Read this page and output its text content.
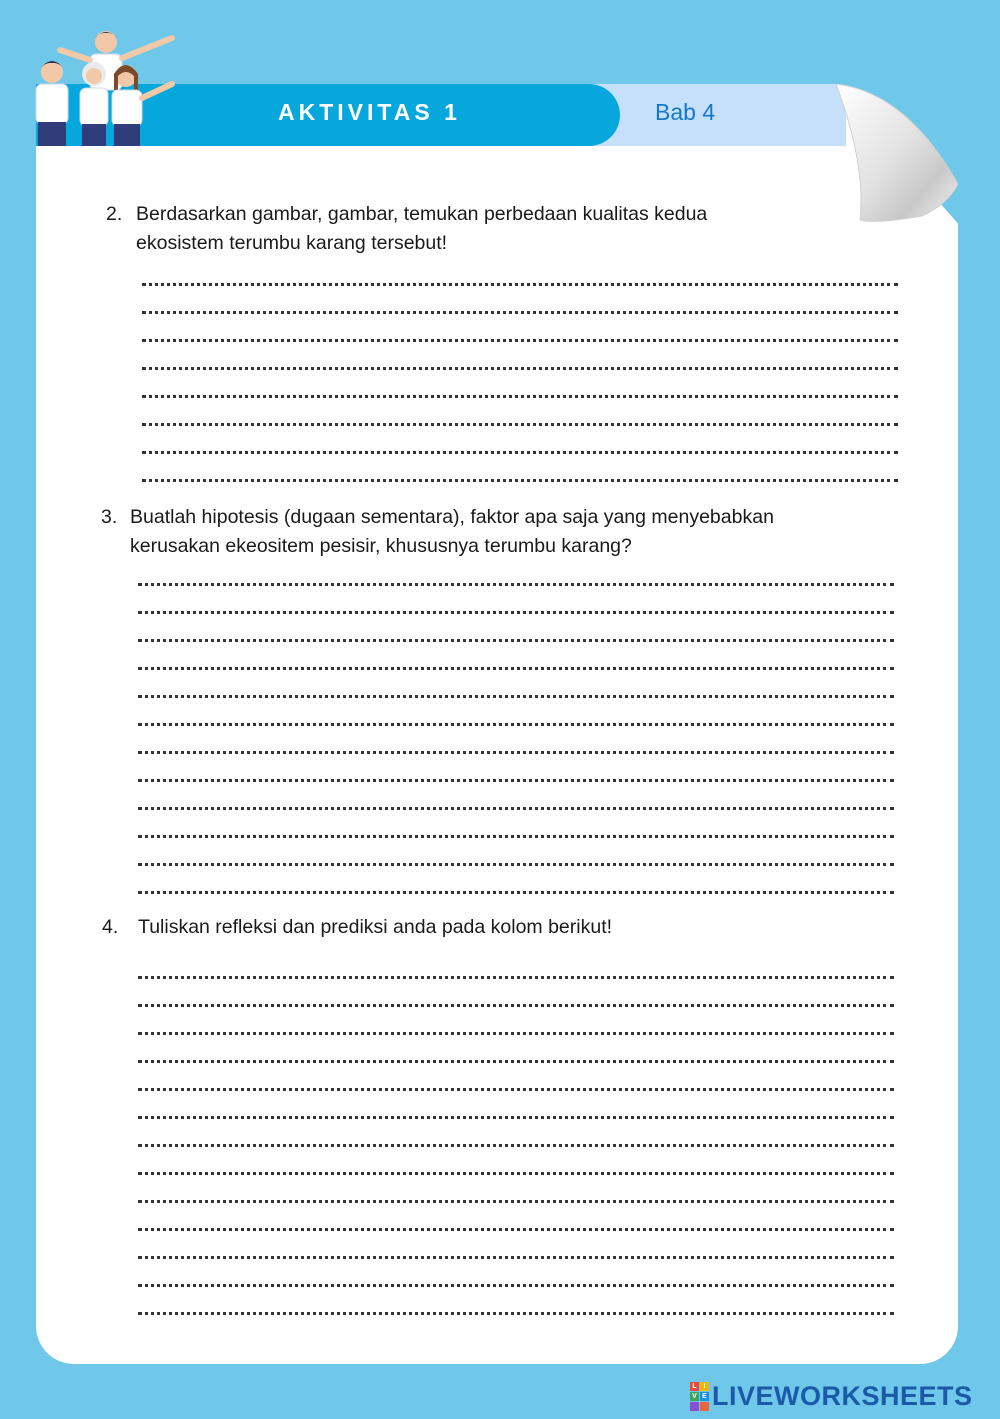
AKTIVITAS 1	Bab 4
2. Berdasarkan gambar, gambar, temukan perbedaan kualitas kedua
ekosistem terumbu karang tersebut!
3. Buatlah hipotesis (dugaan sementara), faktor apa saja yang menyebabkan
kerusakan ekeositem pesisir, khususnya terumbu karang?
4. Tuliskan refleksi dan prediksi anda pada kolom berikut!
L I
V E LIVEWORKSHEETS
